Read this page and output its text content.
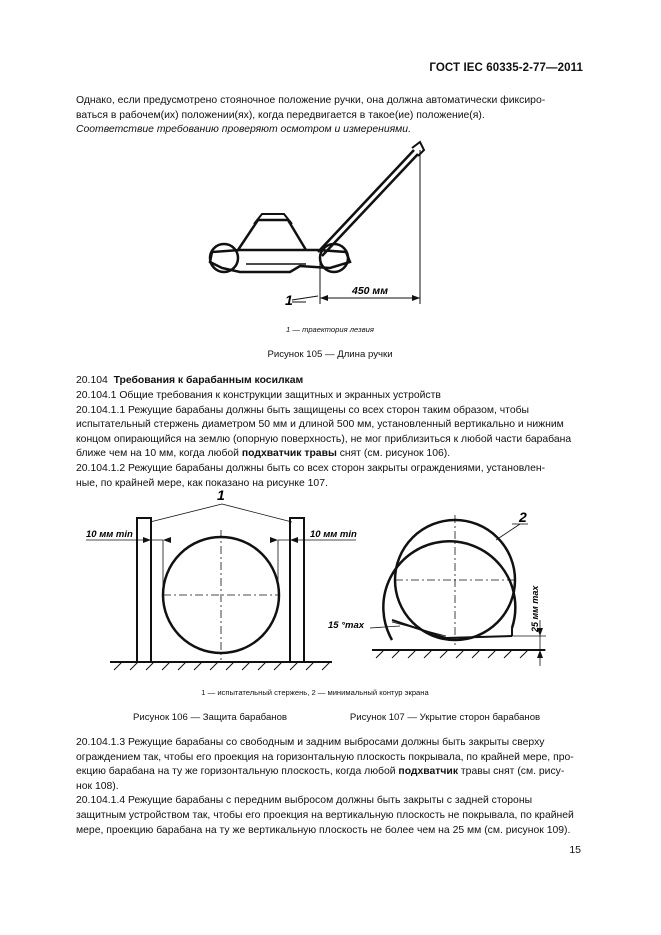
ГОСТ IEC 60335-2-77—2011
Однако, если предусмотрено стояночное положение ручки, она должна автоматически фиксиро-
ваться в рабочем(их) положении(ях), когда передвигается в такое(ие) положение(я).
Соответствие требованию проверяют осмотром и измерениями.
1
450 мм
1 — траектория лезвия
Рисунок 105 — Длина ручки
20.104 Требования к барабанным косилкам
20.104.1 Общие требования к конструкции защитных и экранных устройств
20.104.1.1 Режущие барабаны должны быть защищены со всех сторон таким образом, чтобы
испытательный стержень диаметром 50 мм и длиной 500 мм, установленный вертикально и нижним
концом опирающийся на землю (опорную поверхность), не мог приблизиться к любой части барабана
ближе чем на 10 мм, когда любой подхватчик травы снят (см. рисунок 106).
20.104.1.2 Режущие барабаны должны быть со всех сторон закрыты ограждениями, установлен-
ные, по крайней мере, как показано на рисунке 107.
10 мм min	10 мм min
1
15 °max	25 мм max
2
1 — испытательный стержень, 2 — минимальный контур экрана
Рисунок 106 — Защита барабанов	Рисунок 107 — Укрытие сторон барабанов
20.104.1.3 Режущие барабаны со свободным и задним выбросами должны быть закрыты сверху
ограждением так, чтобы его проекция на горизонтальную плоскость покрывала, по крайней мере, про-
екцию барабана на ту же горизонтальную плоскость, когда любой подхватчик травы снят (см. рису-
нок 108).
20.104.1.4 Режущие барабаны с передним выбросом должны быть закрыты с задней стороны
защитным устройством так, чтобы его проекция на вертикальную плоскость не покрывала, по крайней
мере, проекцию барабана на ту же вертикальную плоскость не более чем на 25 мм (см. рисунок 109).
15
